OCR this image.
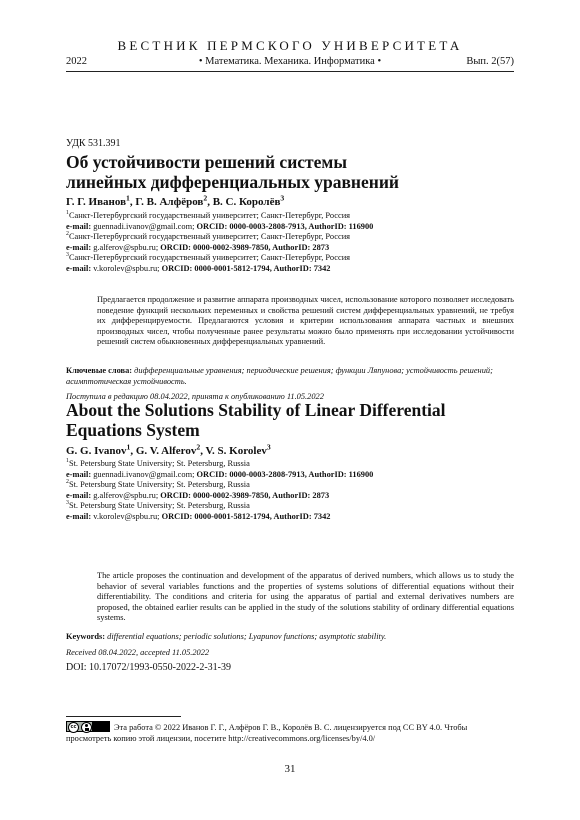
ВЕСТНИК ПЕРМСКОГО УНИВЕРСИТЕТА
2022	• Математика. Механика. Информатика •	Вып. 2(57)
УДК 531.391
Об устойчивости решений системы
линейных дифференциальных уравнений
Г. Г. Иванов$^1$, Г. В. Алфёров$^2$, В. С. Королёв$^3$
$^1$Санкт-Петербургский государственный университет; Санкт-Петербург, Россия
e-mail: guennadi.ivanov@gmail.com; ORCID: 0000-0003-2808-7913, AuthorID: 116900
$^2$Санкт-Петербургский государственный университет; Санкт-Петербург, Россия
e-mail: g.alferov@spbu.ru; ORCID: 0000-0002-3989-7850, AuthorID: 2873
$^3$Санкт-Петербургский государственный университет; Санкт-Петербург, Россия
e-mail: v.korolev@spbu.ru; ORCID: 0000-0001-5812-1794, AuthorID: 7342
Предлагается продолжение и развитие аппарата производных чисел, использование которого позволяет исследовать поведение функций нескольких переменных и свойства решений систем дифференциальных уравнений, не требуя их дифференцируемости. Предлагаются условия и критерии использования аппарата частных и внешних производных чисел, чтобы полученные ранее результаты можно было применять при исследовании устойчивости решений систем обыкновенных дифференциальных уравнений.
Ключевые слова: дифференциальные уравнения; периодические решения; функции Ляпунова; устойчивость решений; асимптотическая устойчивость.
Поступила в редакцию 08.04.2022, принята к опубликованию 11.05.2022
About the Solutions Stability of Linear Differential
Equations System
G. G. Ivanov$^1$, G. V. Alferov$^2$, V. S. Korolev$^3$
$^1$St. Petersburg State University; St. Petersburg, Russia
e-mail: guennadi.ivanov@gmail.com; ORCID: 0000-0003-2808-7913, AuthorID: 116900
$^2$St. Petersburg State University; St. Petersburg, Russia
e-mail: g.alferov@spbu.ru; ORCID: 0000-0002-3989-7850, AuthorID: 2873
$^3$St. Petersburg State University; St. Petersburg, Russia
e-mail: v.korolev@spbu.ru; ORCID: 0000-0001-5812-1794, AuthorID: 7342
The article proposes the continuation and development of the apparatus of derived numbers, which allows us to study the behavior of several variables functions and the properties of systems solutions of differential equations without their differentiability. The conditions and criteria for using the apparatus of partial and external derivatives numbers are proposed, the obtained earlier results can be applied in the study of the solutions stability of ordinary differential equations systems.
Keywords: differential equations; periodic solutions; Lyapunov functions; asymptotic stability.
Received 08.04.2022, accepted 11.05.2022
DOI: 10.17072/1993-0550-2022-2-31-39
cc	Эта работа © 2022 Иванов Г. Г., Алфёров Г. В., Королёв В. С. лицензируется под CC BY 4.0. Чтобы просмотреть копию этой лицензии, посетите http://creativecommons.org/licenses/by/4.0/
31
